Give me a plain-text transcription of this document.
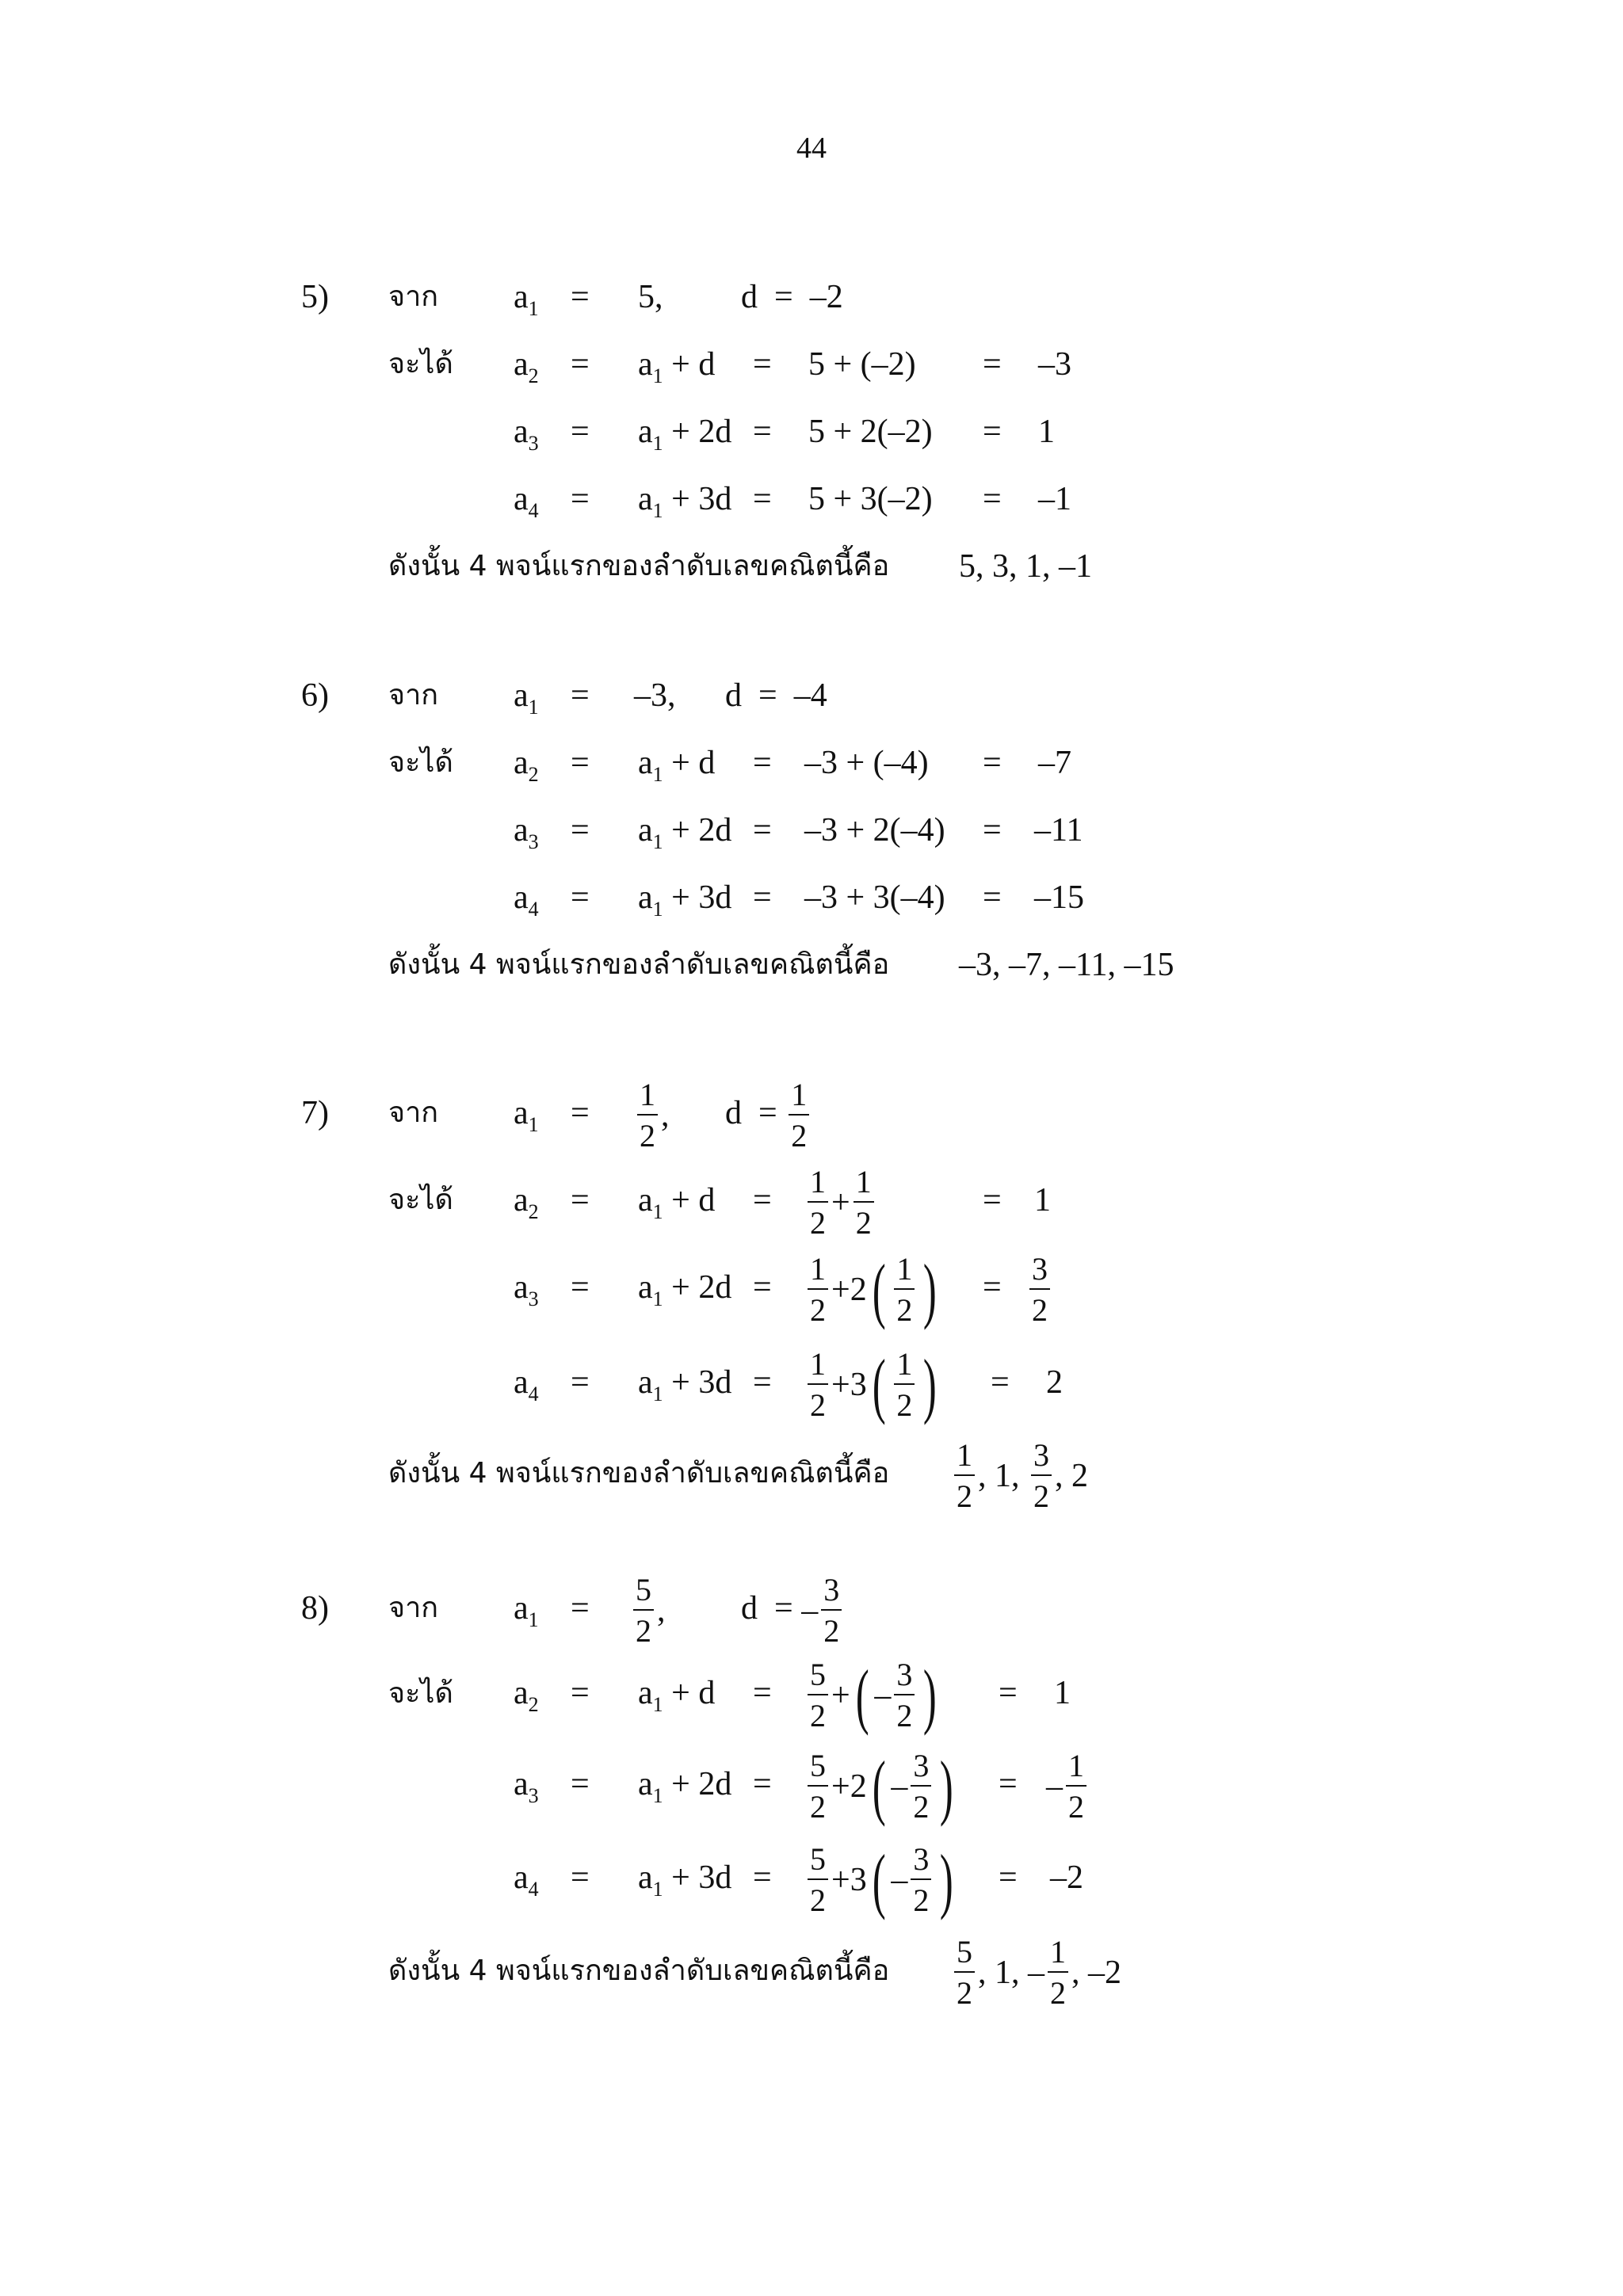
44
5) จาก $a_1 = 5$, d = –2
จะได้ $a_2 = a_1 + d = 5 + (-2) = -3$
$a_3 = a_1 + 2d = 5 + 2(-2) = 1$
$a_4 = a_1 + 3d = 5 + 3(-2) = -1$
ดังนั้น 4 พจน์แรกของลำดับเลขคณิตนี้คือ 5, 3, 1, –1
6) จาก $a_1 = -3$, d = –4
จะได้ $a_2 = a_1 + d = -3 + (-4) = -7$
$a_3 = a_1 + 2d = -3 + 2(-4) = -11$
$a_4 = a_1 + 3d = -3 + 3(-4) = -15$
ดังนั้น 4 พจน์แรกของลำดับเลขคณิตนี้คือ –3, –7, –11, –15
7) จาก $a_1 = \frac{1}{2}$ , $d = \frac{1}{2}$
จะได้ $a_2 = a_1 + d = \frac{1}{2} + \frac{1}{2}$	= 1
$a_3 = a_1 + 2d = \frac{1}{2} +2( \frac{1}{2}$ ) = $\frac{3}{2}$
$a_4 = a_1 + 3d = \frac{1}{2} +3( \frac{1}{2}$ ) = 2
ดังนั้น 4 พจน์แรกของลำดับเลขคณิตนี้คือ $\frac{1}{2}$ , 1, $\frac{3}{2}$ , 2
8) จาก $a_1 = \frac{5}{2}$ , d = – $\frac{3}{2}$
จะได้ $a_2 = a_1 + d = \frac{5}{2}$ +( – $\frac{3}{2}$ ) = 1
$a_3 = a_1 + 2d = \frac{5}{2} +2( - \frac{3}{2}$ ) = – $\frac{1}{2}$
$a_4 = a_1 + 3d = \frac{5}{2} +3( - \frac{3}{2}$ ) = –2
ดังนั้น 4 พจน์แรกของลำดับเลขคณิตนี้คือ $\frac{5}{2}$ , 1, – $\frac{1}{2}$ , –2
